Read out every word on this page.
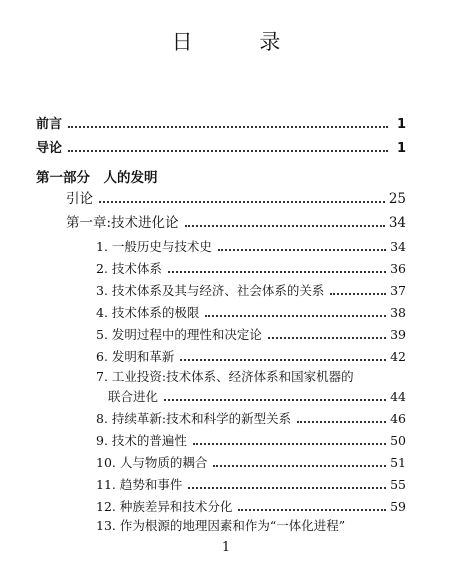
日 录
前言	1
导论	1
第一部分　人的发明
引论	25
第一章:技术进化论	34
1. 一般历史与技术史	34
2. 技术体系	36
3. 技术体系及其与经济、社会体系的关系	37
4. 技术体系的极限	38
5. 发明过程中的理性和决定论	39
6. 发明和革新	42
7. 工业投资:技术体系、经济体系和国家机器的
联合进化	44
8. 持续革新:技术和科学的新型关系	46
9. 技术的普遍性	50
10. 人与物质的耦合	51
11. 趋势和事件	55
12. 种族差异和技术分化	59
13. 作为根源的地理因素和作为“一体化进程”
1
